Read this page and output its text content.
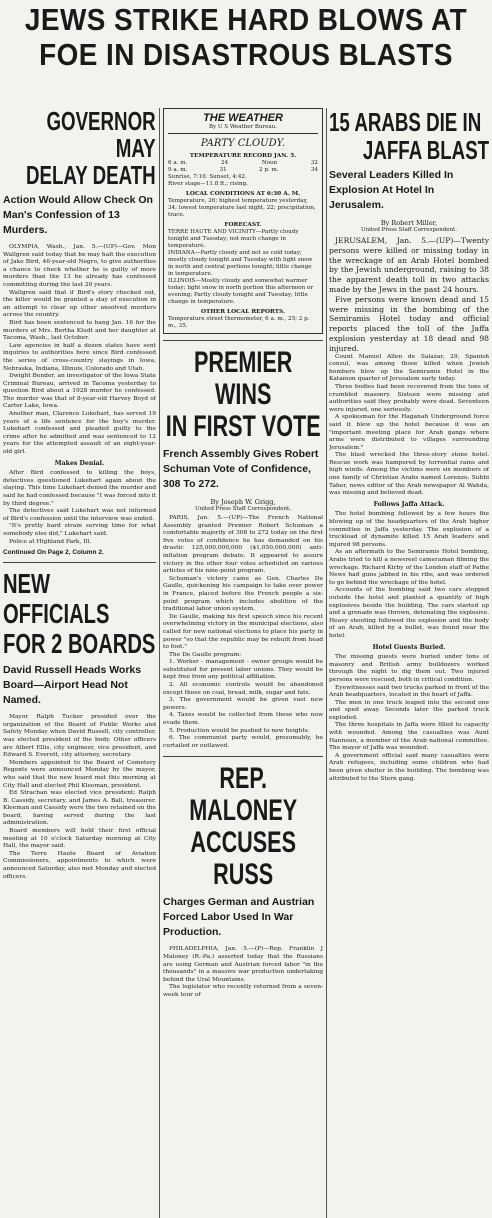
JEWS STRIKE HARD BLOWS AT
FOE IN DISASTROUS BLASTS
GOVERNOR MAY
DELAY DEATH
Action Would Allow Check On Man's Confession of 13 Murders.

OLYMPIA, Wash., Jan. 5.—(UP)—Gov. Mon Wallgren said today that he may halt the execution of Jake Bird, 46-year-old Negro, to give authorities a chance to check whether he is guilty of more murders than the 13 he already has confessed committing during the last 20 years.

Wallgren said that if Bird's story checked out, the killer would be granted a stay of execution in an attempt to clear up other unsolved murders across the country.

Bird has been sentenced to hang Jan. 16 for the murders of Mrs. Bertha Kludt and her daughter at Tacoma, Wash., last October.

Law agencies in half a dozen states have sent inquiries to authorities here since Bird confessed the series of cross-country slayings in Iowa, Nebraska, Indiana, Illinois, Colorado and Utah.

Dwight Bender, an investigator of the Iowa State Criminal Bureau, arrived in Tacoma yesterday to question Bird about a 1928 murder he confessed. The murder was that of 8-year-old Harvey Boyd of Carter Lake, Iowa.

Another man, Clarence Lukehart, has served 19 years of a life sentence for the boy's murder. Lukehart confessed and pleaded guilty to the crime after he admitted and was sentenced to 12 years for the attempted assault of an eight-year-old girl.

Makes Denial.

After Bird confessed to killing the boys, detectives questioned Lukehart again about the slaying. This time Lukehart denied the murder and said he had confessed because "I was forced into it by third degree."

The detectives said Lukehart was not informed of Bird's confession until the interview was ended.

"It's pretty hard strain serving time for what somebody else did," Lukehart said.

Police at Highland Park, Ill.

Continued On Page 2, Column 2.
NEW OFFICIALS
FOR 2 BOARDS
David Russell Heads Works Board—Airport Head Not Named.

Mayor Ralph Tucker presided over the organization of the Board of Public Works and Safety Monday when David Russell, city controller, was elected president of the body. Other officers are Albert Ellis, city engineer, vice president, and Edward S. Everett, city attorney, secretary.

Members appointed to the Board of Cemetery Regents were announced Monday by the mayor, who said that the new board met this morning at City Hall and elected Phil Kleeman, president.

Ed Strachan was elected vice president; Ralph B. Cassidy, secretary, and James A. Ball, treasurer. Kleeman and Cassidy were the two retained on the board, having served during the last administration.

Board members will hold their first official meeting at 10 o'clock Saturday morning at City Hall, the mayor said.

The Terre Haute Board of Aviation Commissioners, appointments to which were announced Saturday, also met Monday and elected officers.

THE WEATHER
By U S Weather Bureau.
PARTY CLOUDY.
TEMPERATURE RECORD JAN. 5.
6 a. m.	24	Noon	32
9 a. m.	31	2 p. m.	34
Sunrise, 7:10. Sunset, 4:42.
River stage—11.8 ft.; rising.
LOCAL CONDITIONS AT 6:30 A. M.
Temperature, 26; highest temperature yesterday, 34; lowest temperature last night, 22; precipitation, trace.
FORECAST.
TERRE HAUTE AND VICINITY—Partly cloudy tonight and Tuesday; not much change in temperature.
INDIANA—Partly cloudy and not so cold today; mostly cloudy tonight and Tuesday with light snow in north and central portions tonight; little change in temperature.
ILLINOIS—Mostly cloudy and somewhat warmer today; light snow in north portion this afternoon or evening; Partly cloudy tonight and Tuesday; little change in temperature.
OTHER LOCAL REPORTS.
Temperature street thermometer, 6 a. m., 25; 2 p. m., 35.
PREMIER WINS
IN FIRST VOTE
French Assembly Gives Robert Schuman Vote of Confidence, 308 To 272.
By Joseph W. Grigg,
United Press Staff Correspondent.

PARIS, Jan. 5.—(UP)—The French National Assembly granted Premier Robert Schuman a comfortable majority of 308 to 272 today on the first five votes of confidence he has demanded on his drastic 125,000,000,000 ($1,050,000,000) anti-inflation program debate. It appeared to assure victory in the other four votes scheduled on various articles of his nine-point program.

Schuman's victory came as Gen. Charles De Gaulle, quickening his campaign to take over power in France, placed before the French people a six-point program which includes abolition of the traditional labor union system.

De Gaulle, making his first speech since his recent overwhelming victory in the municipal elections, also called for new national elections to place his party in power "so that the republic may be rebuilt from head to foot."

The De Gaulle program:

1. Worker - management - owner groups would be substituted for present labor unions. They would be kept free from any political affiliation.

2. All economic controls would be abandoned except those on coal, bread, milk, sugar and fats.

3. The government would be given vast new powers.

4. Taxes would be collected from those who now evade them.

5. Production would be pushed to new heights.

6. The communist party would, presumably, be curtailed or outlawed.

REP. MALONEY
ACCUSES RUSS
Charges German and Austrian Forced Labor Used In War Production.

PHILADELPHIA, Jan. 5.—(P)—Rep. Franklin J Maloney (R.-Pa.) asserted today that the Russians are using German and Austrian forced labor "in the thousands" in a massive war production undertaking behind the Ural Mountains.

The legislator who recently returned from a seven-week tour of

15 ARABS DIE IN
JAFFA BLAST
Several Leaders Killed In Explosion At Hotel In Jerusalem.
By Robert Miller,
United Press Staff Correspondent.

JERUSALEM, Jan. 5.—(UP)—Twenty persons were killed or missing today in the wreckage of an Arab Hotel bombed by the Jewish underground, raising to 38 the apparent death toll in two attacks made by the Jews in the past 24 hours.

Five persons were known dead and 15 were missing in the bombing of the Semiramis Hotel today and official reports placed the toll of the Jaffa explosion yesterday at 18 dead and 98 injured.

Count Manuel Allen de Salazar, 29, Spanish consul, was among those killed when Jewish bombers blew up the Semiramis Hotel in the Katamon quarter of Jerusalem early today.

Three bodies had been recovered from the tons of crumbled masonry. Sixteen were missing and authorities said they probably were dead. Seventeen were injured, one seriously.

A spokesman for the Haganah Underground force said it blew up the hotel because it was an "important meeting place for Arab gangs where arms were distributed to villages surrounding Jerusalem."

The blast wrecked the three-story stone hotel. Rescue work was hampered by torrential rains and high winds. Among the victims were six members of one family of Christian Arabs named Lorenzo. Subhi Taher, news editor of the Arab newspaper Al Wahda, was missing and believed dead.

Follows Jaffa Attack.

The hotel bombing followed by a few hours the blowing up of the headquarters of the Arab higher committee in Jaffa yesterday. The explosion of a truckload of dynamite killed 15 Arab leaders and injured 98 persons.

As an aftermath to the Semiramis Hotel bombing, Arabs tried to kill a newsreel cameraman filming the wreckage. Richard Kirby of the London staff of Pathe News had guns jabbed in his ribs, and was ordered to go behind the wreckage of the hotel.

Accounts of the bombing said two cars stopped outside the hotel and planted a quantity of high explosives beside the building. The cars started up and a grenade was thrown, detonating the explosive. Heavy shooting followed the explosion and the body of an Arab, killed by a bullet, was found near the hotel.

Hotel Guests Buried.

The missing guests were buried under tons of masonry and British army bulldozers worked through the night to dig them out. Two injured persons were rescued, both in critical condition.

Eyewitnesses said two trucks parked in front of the Arab headquarters, located in the heart of Jaffa.

The men in one truck leaped into the second one and sped away. Seconds later the parked truck exploded.

The three hospitals in Jaffa were filled to capacity with wounded. Among the casualties was Aunt Hannoun, a member of the Arab national committee. The mayor of Jaffa was wounded.

A government official said many casualties were Arab refugees, including some children who had been given shelter in the building. The bombing was attributed to the Stern gang.
